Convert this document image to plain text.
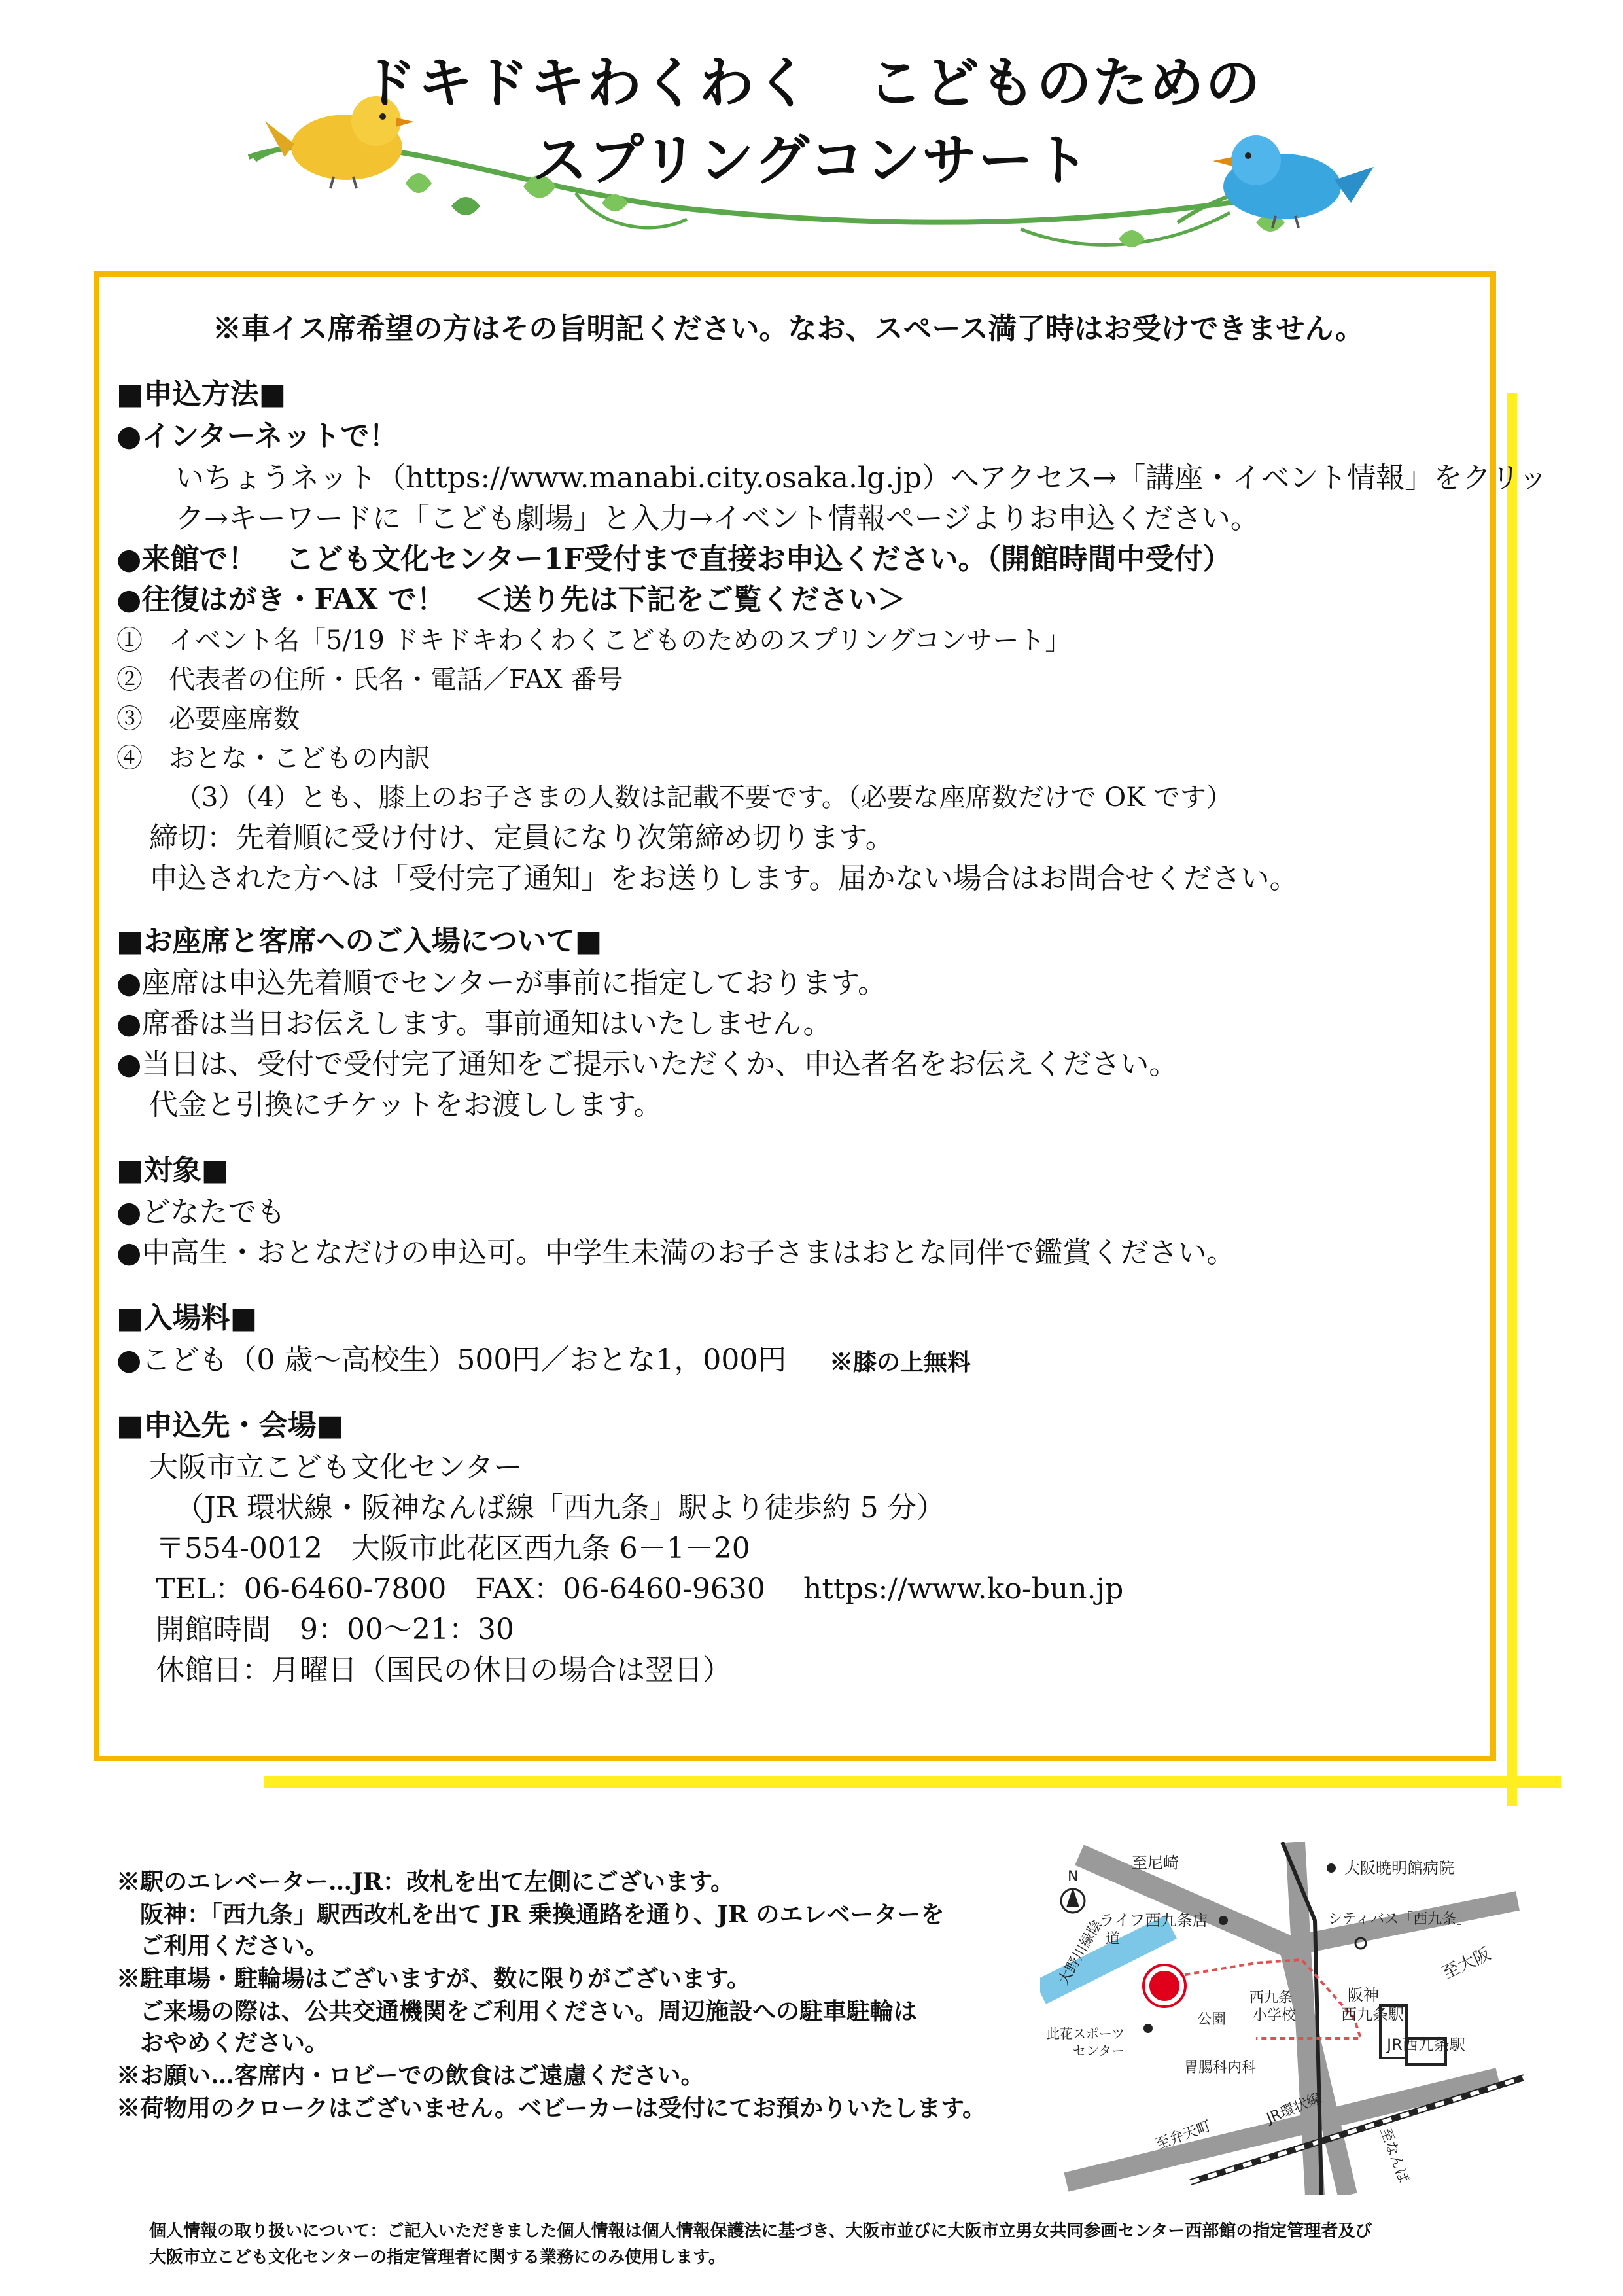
ドキドキわくわく　こどものための
スプリングコンサート
※車イス席希望の方はその旨明記ください。なお、スペース満了時はお受けできません。
■申込方法■
●インターネットで！
いちょうネット（https://www.manabi.city.osaka.lg.jp）へアクセス→「講座・イベント情報」をクリッ
ク→キーワードに「こども劇場」と入力→イベント情報ページよりお申込ください。
●来館で！　こども文化センター1F受付まで直接お申込ください。（開館時間中受付）
●往復はがき・FAX で！　＜送り先は下記をご覧ください＞
①　イベント名「5/19 ドキドキわくわくこどものためのスプリングコンサート」
②　代表者の住所・氏名・電話／FAX 番号
③　必要座席数
④　おとな・こどもの内訳
（3）（4）とも、膝上のお子さまの人数は記載不要です。（必要な座席数だけで OK です）
締切：先着順に受け付け、定員になり次第締め切ります。
申込された方へは「受付完了通知」をお送りします。届かない場合はお問合せください。
■お座席と客席へのご入場について■
●座席は申込先着順でセンターが事前に指定しております。
●席番は当日お伝えします。事前通知はいたしません。
●当日は、受付で受付完了通知をご提示いただくか、申込者名をお伝えください。
代金と引換にチケットをお渡しします。
■対象■
●どなたでも
●中高生・おとなだけの申込可。中学生未満のお子さまはおとな同伴で鑑賞ください。
■入場料■
●こども（0 歳～高校生）500円／おとな1，000円 ※膝の上無料
■申込先・会場■
大阪市立こども文化センター
（JR 環状線・阪神なんば線「西九条」駅より徒歩約 5 分）
〒554-0012　大阪市此花区西九条 6－1－20
TEL：06-6460-7800　FAX：06-6460-9630 https://www.ko-bun.jp
開館時間　9：00～21：30
休館日：月曜日（国民の休日の場合は翌日）
※駅のエレベーター…JR：改札を出て左側にございます。
　阪神：「西九条」駅西改札を出て JR 乗換通路を通り、JR のエレベーターを
　ご利用ください。
※駐車場・駐輪場はございますが、数に限りがございます。
　ご来場の際は、公共交通機関をご利用ください。周辺施設への駐車駐輪は
　おやめください。
※お願い…客席内・ロビーでの飲食はご遠慮ください。
※荷物用のクロークはございません。ベビーカーは受付にてお預かりいたします。
N
至尼崎	大阪暁明館病院
ライフ西九条店	シティバス「西九条」
大野川緑陰 道
至大阪
西九条
小学校
公園
阪神
西九条駅
JR西九条駅
此花スポーツ
センター
胃腸科内科
JR環状線
至弁天町	至なんば
個人情報の取り扱いについて：ご記入いただきました個人情報は個人情報保護法に基づき、大阪市並びに大阪市立男女共同参画センター西部館の指定管理者及び
大阪市立こども文化センターの指定管理者に関する業務にのみ使用します。
